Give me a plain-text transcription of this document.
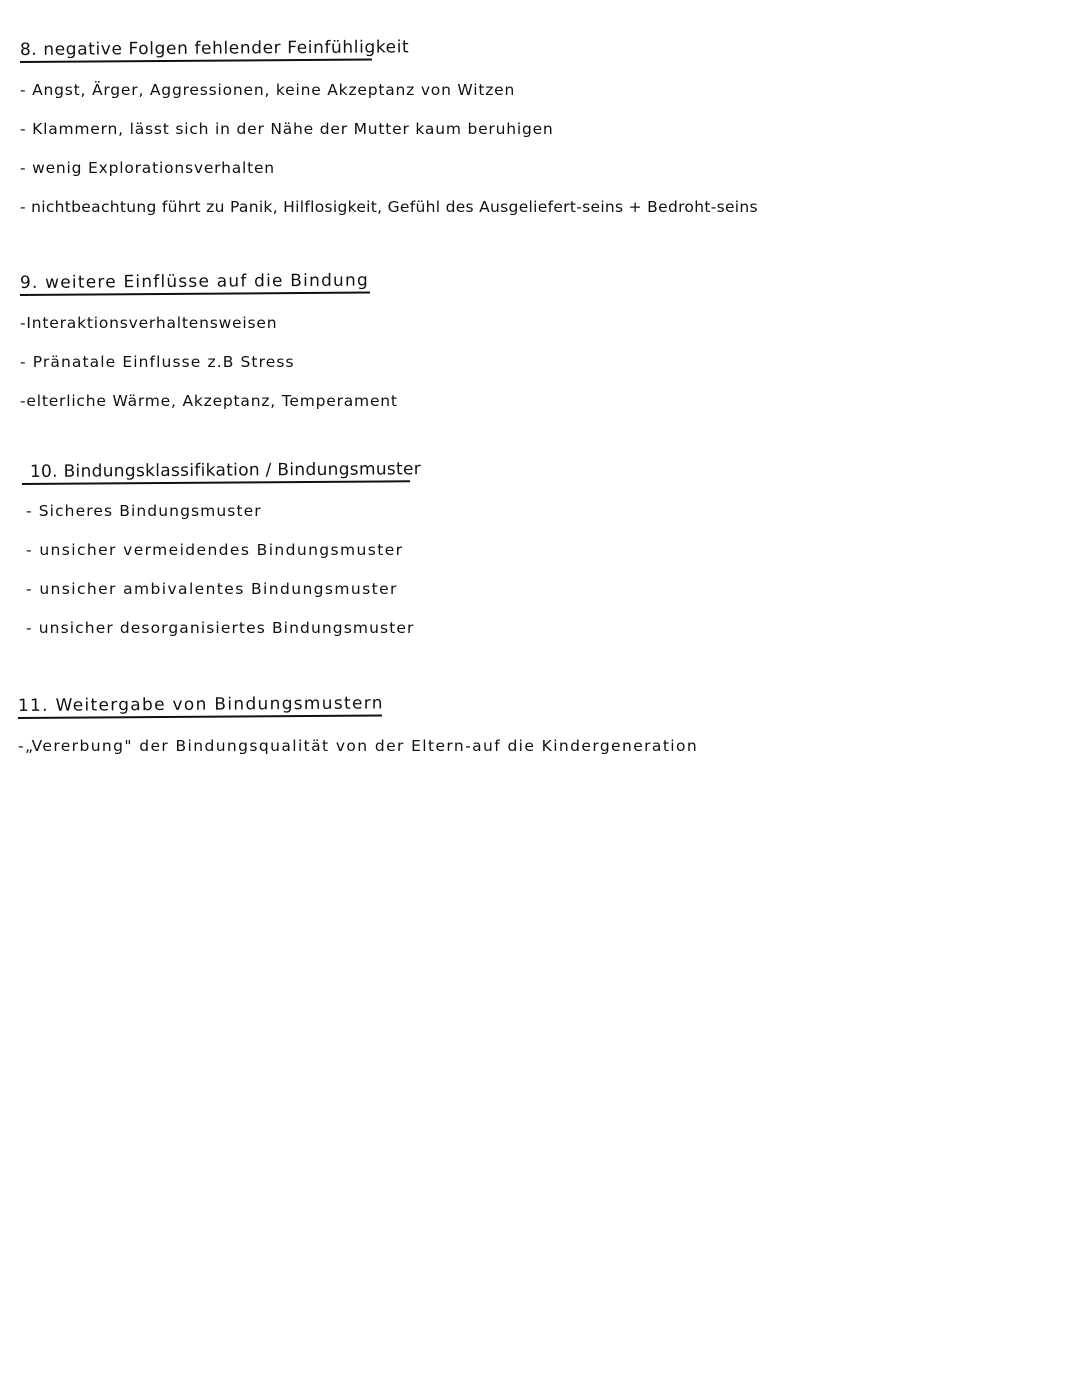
8. negative Folgen fehlender Feinfühligkeit
- Angst, Ärger, Aggressionen, keine Akzeptanz von Witzen
- Klammern, lässt sich in der Nähe der Mutter kaum beruhigen
- wenig Explorationsverhalten
- nichtbeachtung führt zu Panik, Hilflosigkeit, Gefühl des Ausgeliefert-seins + Bedroht-seins
9. weitere Einflüsse auf die Bindung
-Interaktionsverhaltensweisen
- Pränatale Einflusse z.B Stress
-elterliche Wärme, Akzeptanz, Temperament
10. Bindungsklassifikation / Bindungsmuster
- Sicheres Bindungsmuster
- unsicher vermeidendes Bindungsmuster
- unsicher ambivalentes Bindungsmuster
- unsicher desorganisiertes Bindungsmuster
11. Weitergabe von Bindungsmustern
-„Vererbung" der Bindungsqualität von der Eltern-auf die Kindergeneration
